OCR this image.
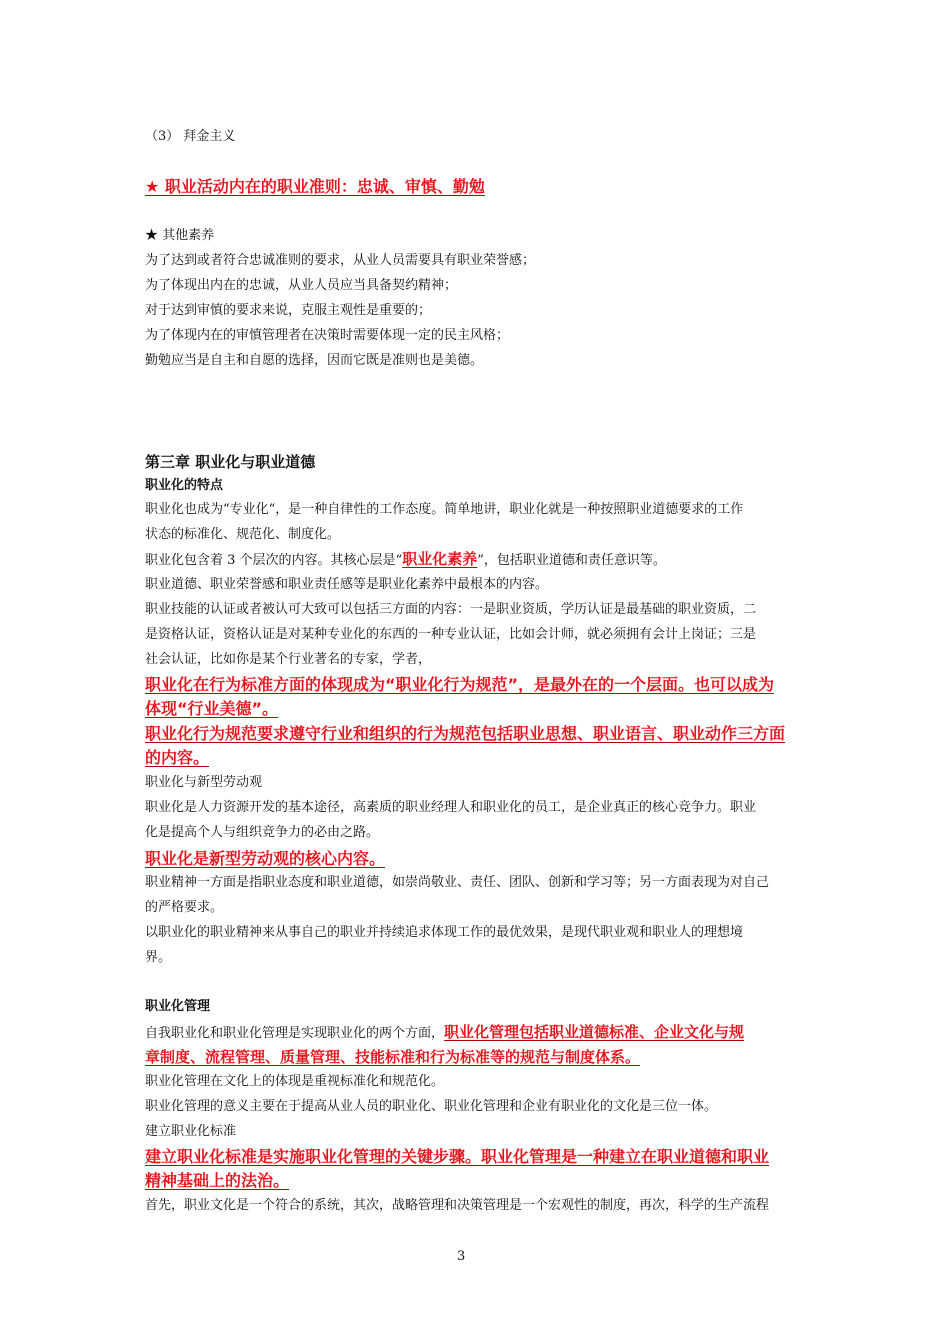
（3） 拜金主义
★ 职业活动内在的职业准则：忠诚、审慎、勤勉
★ 其他素养
为了达到或者符合忠诚准则的要求，从业人员需要具有职业荣誉感；
为了体现出内在的忠诚，从业人员应当具备契约精神；
对于达到审慎的要求来说，克服主观性是重要的；
为了体现内在的审慎管理者在决策时需要体现一定的民主风格；
勤勉应当是自主和自愿的选择，因而它既是准则也是美德。
第三章 职业化与职业道德
职业化的特点
职业化也成为“专业化“，是一种自律性的工作态度。简单地讲，职业化就是一种按照职业道德要求的工作
状态的标准化、规范化、制度化。
职业化包含着 3 个层次的内容。其核心层是“职业化素养”，包括职业道德和责任意识等。
职业道德、职业荣誉感和职业责任感等是职业化素养中最根本的内容。
职业技能的认证或者被认可大致可以包括三方面的内容：一是职业资质，学历认证是最基础的职业资质，二
是资格认证，资格认证是对某种专业化的东西的一种专业认证，比如会计师，就必须拥有会计上岗证；三是
社会认证，比如你是某个行业著名的专家，学者，
职业化在行为标准方面的体现成为“职业化行为规范”，是最外在的一个层面。也可以成为
体现“行业美德”。
职业化行为规范要求遵守行业和组织的行为规范包括职业思想、职业语言、职业动作三方面
的内容。
职业化与新型劳动观
职业化是人力资源开发的基本途径，高素质的职业经理人和职业化的员工，是企业真正的核心竞争力。职业
化是提高个人与组织竞争力的必由之路。
职业化是新型劳动观的核心内容。
职业精神一方面是指职业态度和职业道德，如崇尚敬业、责任、团队、创新和学习等；另一方面表现为对自己
的严格要求。
以职业化的职业精神来从事自己的职业并持续追求体现工作的最优效果，是现代职业观和职业人的理想境
界。
职业化管理
自我职业化和职业化管理是实现职业化的两个方面，职业化管理包括职业道德标准、企业文化与规
章制度、流程管理、质量管理、技能标准和行为标准等的规范与制度体系。
职业化管理在文化上的体现是重视标准化和规范化。
职业化管理的意义主要在于提高从业人员的职业化、职业化管理和企业有职业化的文化是三位一体。
建立职业化标准
建立职业化标准是实施职业化管理的关键步骤。职业化管理是一种建立在职业道德和职业
精神基础上的法治。
首先，职业文化是一个符合的系统，其次，战略管理和决策管理是一个宏观性的制度，再次，科学的生产流程
3
